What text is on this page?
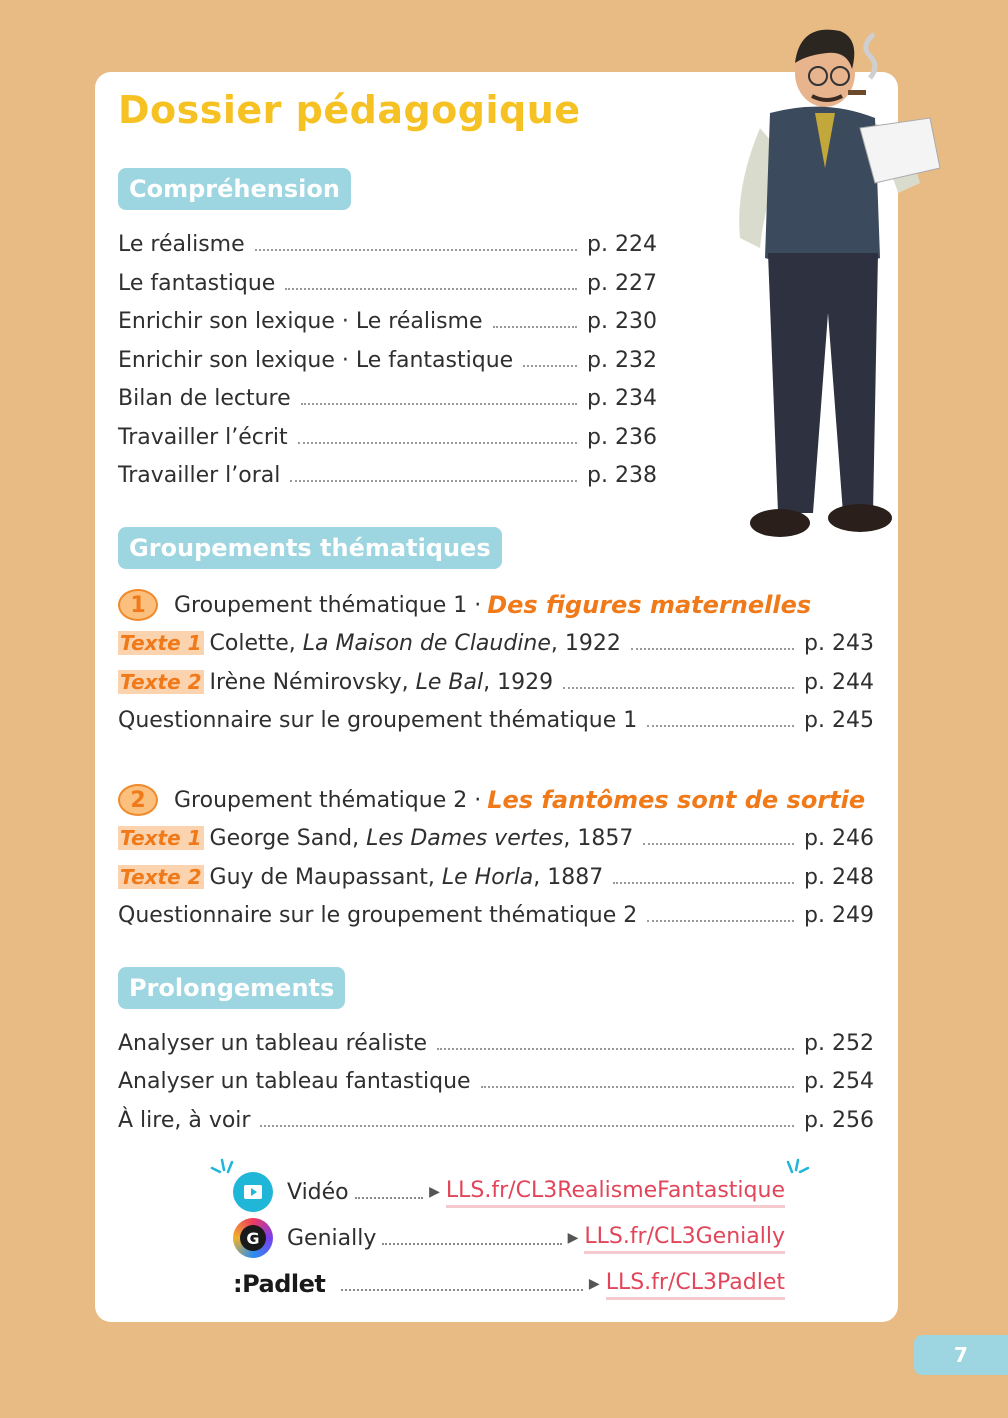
Dossier pédagogique
Compréhension
Le réalisme	p. 224
Le fantastique	p. 227
Enrichir son lexique · Le réalisme	p. 230
Enrichir son lexique · Le fantastique	p. 232
Bilan de lecture	p. 234
Travailler l’écrit	p. 236
Travailler l’oral	p. 238
Groupements thématiques
1	Groupement thématique 1 · Des figures maternelles
Texte 1 Colette, La Maison de Claudine, 1922	p. 243
Texte 2 Irène Némirovsky, Le Bal, 1929	p. 244
Questionnaire sur le groupement thématique 1	p. 245
2	Groupement thématique 2 · Les fantômes sont de sortie
Texte 1 George Sand, Les Dames vertes, 1857	p. 246
Texte 2 Guy de Maupassant, Le Horla, 1887	p. 248
Questionnaire sur le groupement thématique 2	p. 249
Prolongements
Analyser un tableau réaliste	p. 252
Analyser un tableau fantastique	p. 254
À lire, à voir	p. 256
Vidéo	▶ LLS.fr/CL3RealismeFantastique
G Genially	▶ LLS.fr/CL3Genially
:Padlet	▶ LLS.fr/CL3Padlet
7
